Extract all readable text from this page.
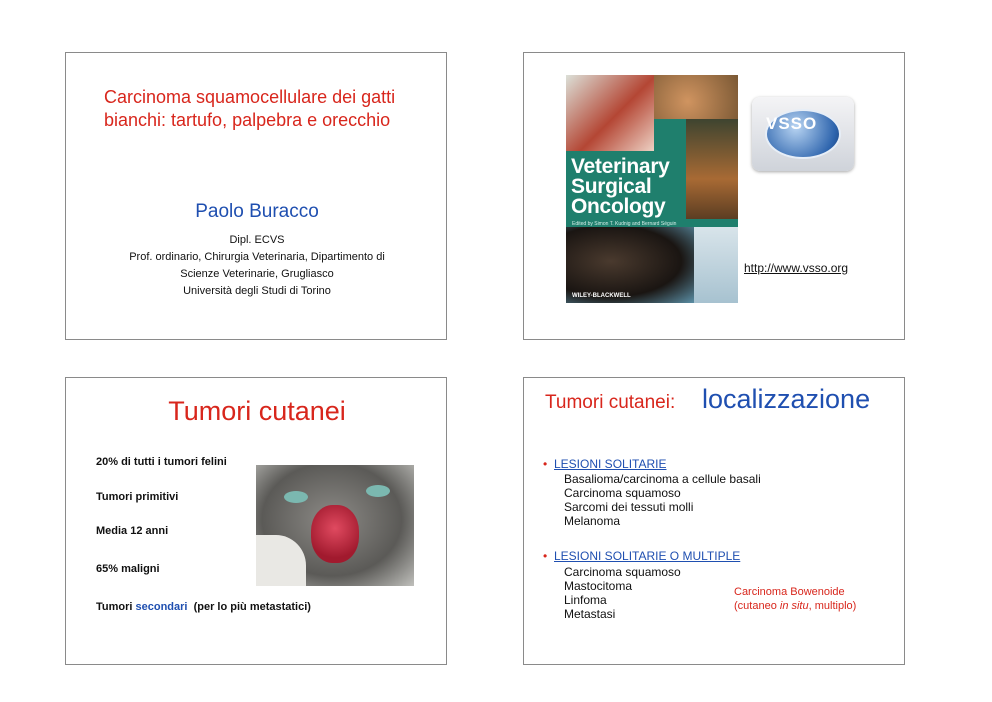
Carcinoma squamocellulare dei gatti bianchi: tartufo, palpebra e orecchio
Paolo Buracco
Dipl. ECVS
Prof. ordinario, Chirurgia Veterinaria, Dipartimento di
Scienze Veterinarie, Grugliasco
Università degli Studi di Torino
Veterinary Surgical Oncology
Edited by Simon T. Kudnig and Bernard Séguin
WILEY-BLACKWELL
VSSO
http://www.vsso.org
Tumori cutanei
20% di tutti i tumori felini
Tumori primitivi
Media 12 anni
65% maligni
Tumori secondari  (per lo più metastatici)
Tumori cutanei: localizzazione
• LESIONI SOLITARIE
Basalioma/carcinoma a cellule basali
Carcinoma squamoso
Sarcomi dei tessuti molli
Melanoma
• LESIONI SOLITARIE O MULTIPLE
Carcinoma squamoso
Mastocitoma
Linfoma
Metastasi
Carcinoma Bowenoide
(cutaneo in situ, multiplo)
